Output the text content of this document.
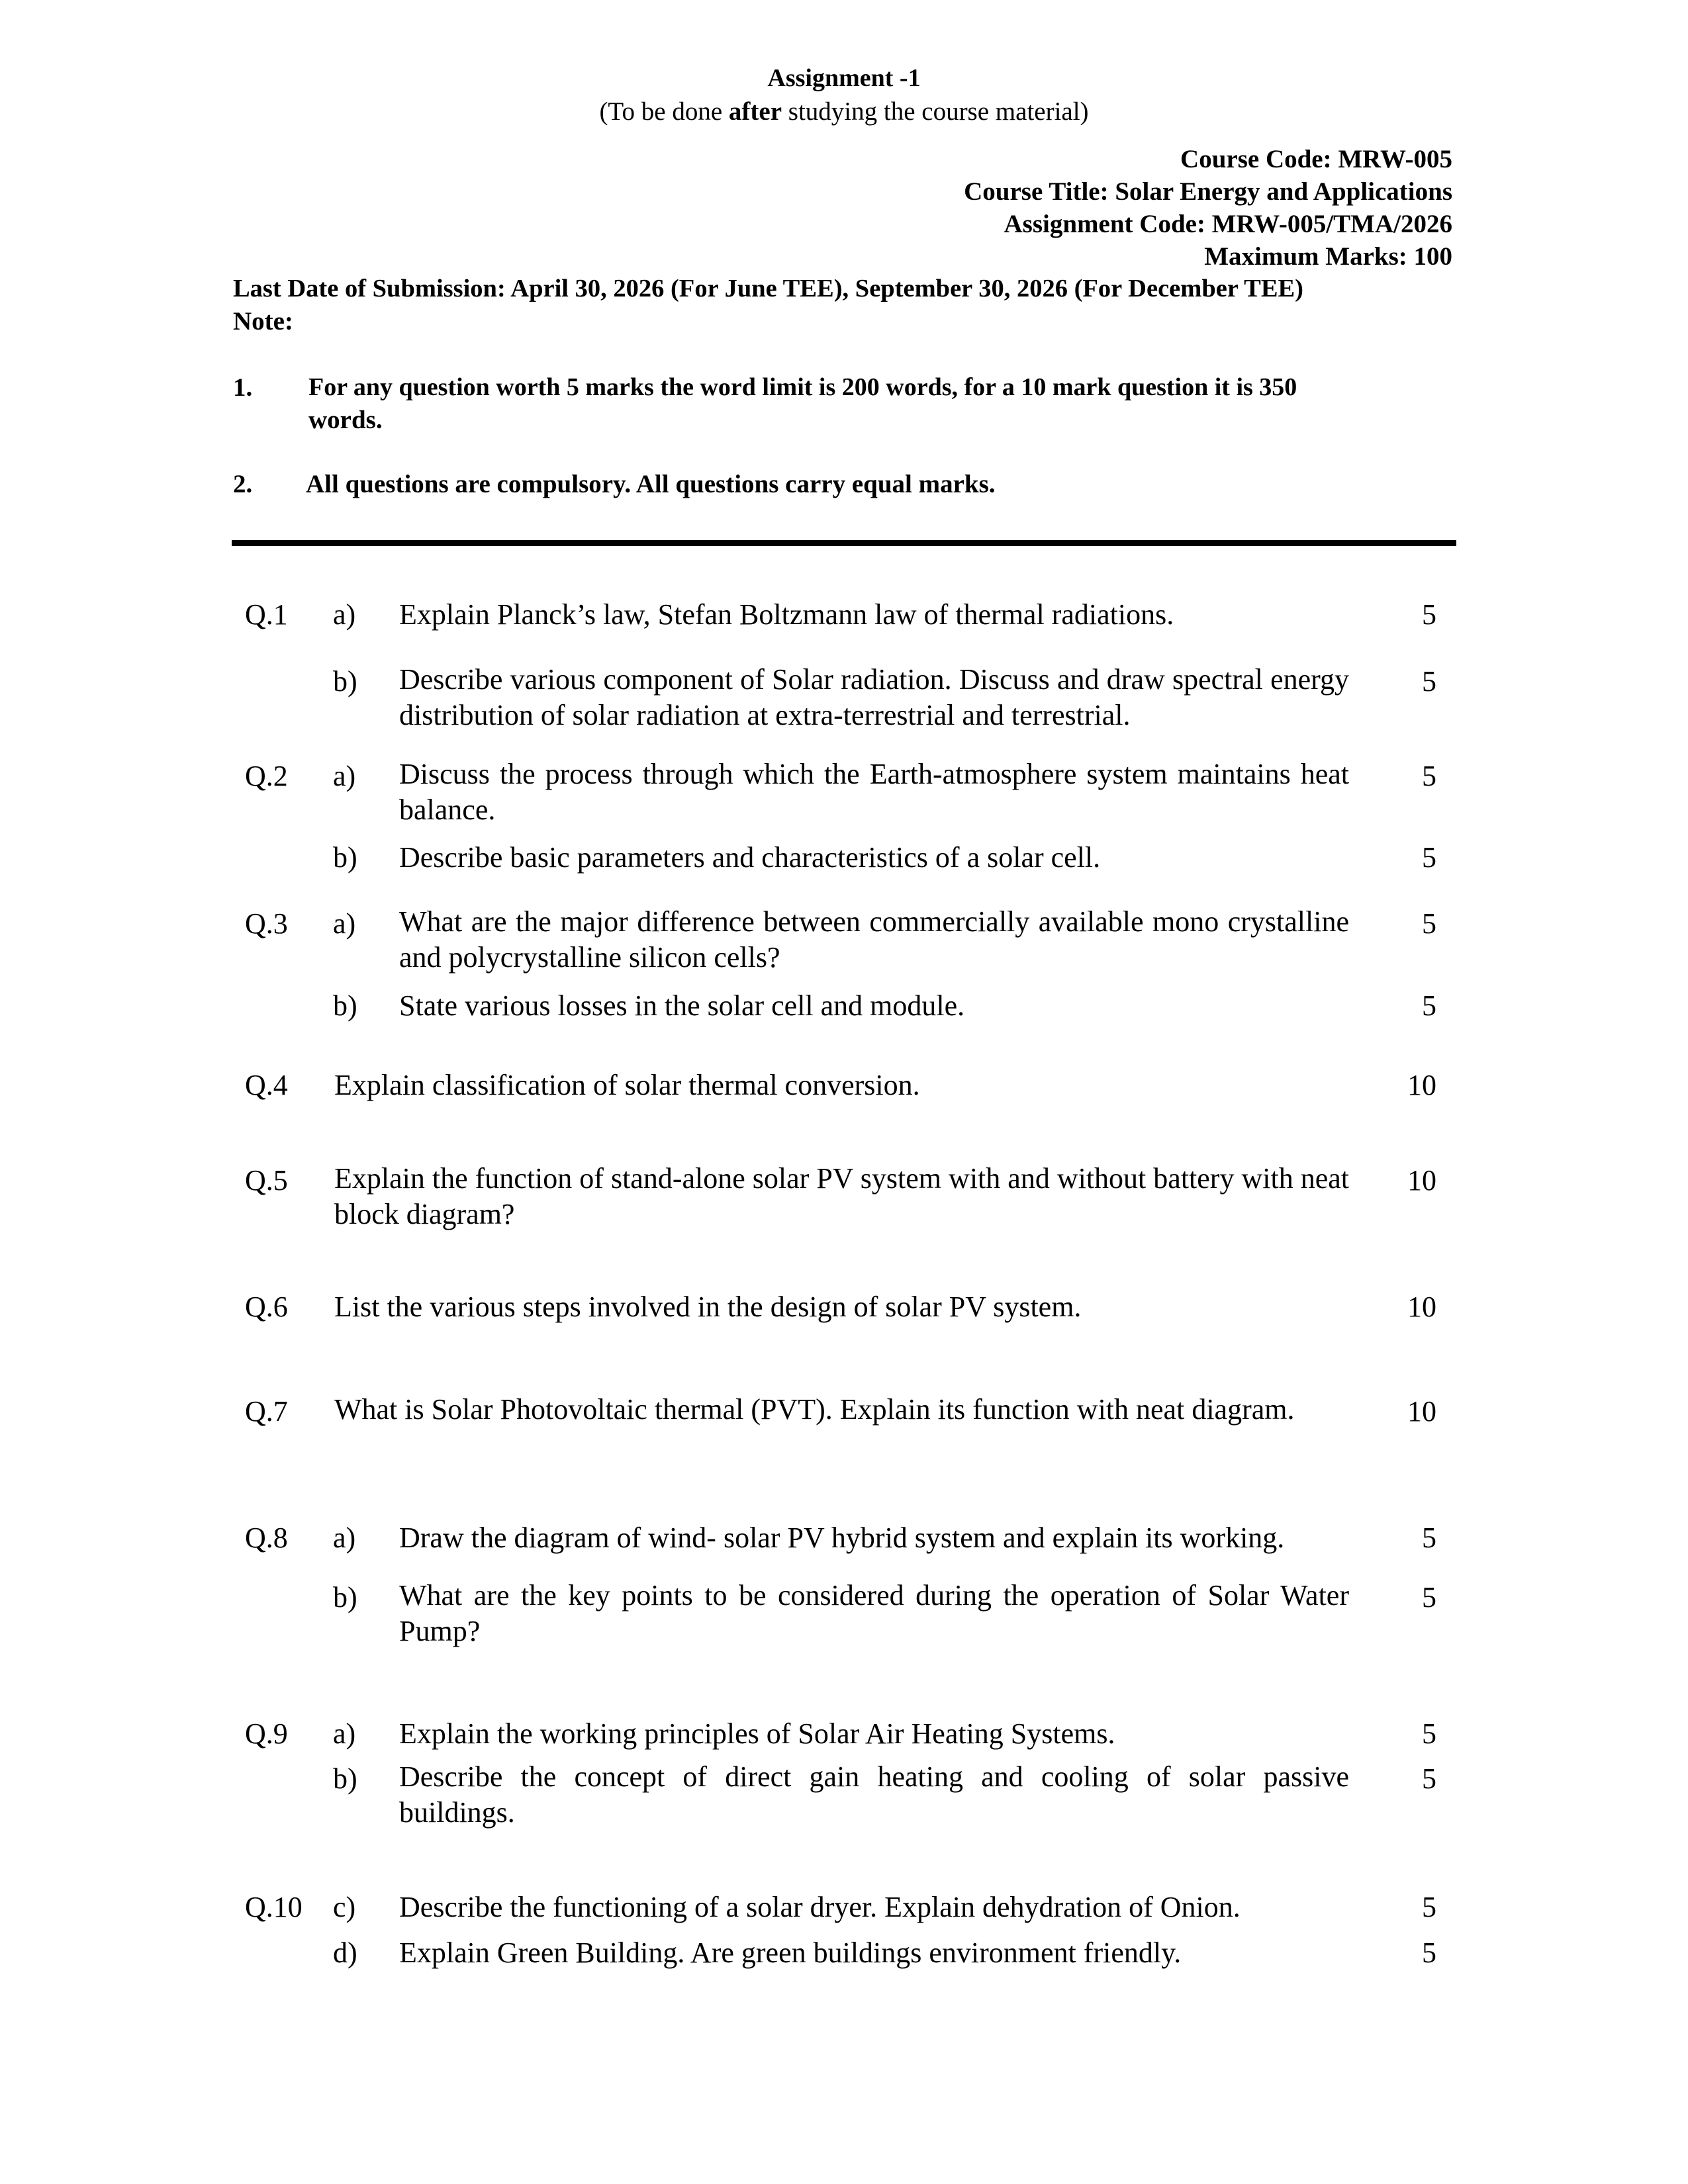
Assignment -1
(To be done after studying the course material)
Course Code: MRW-005
Course Title: Solar Energy and Applications
Assignment Code: MRW-005/TMA/2026
Maximum Marks: 100
Last Date of Submission: April 30, 2026 (For June TEE), September 30, 2026 (For December TEE)
Note:
1. For any question worth 5 marks the word limit is 200 words, for a 10 mark question it is 350
words.
2. All questions are compulsory. All questions carry equal marks.
Q.1 a) Explain Planck’s law, Stefan Boltzmann law of thermal radiations.	5
b) Describe various component of Solar radiation. Discuss and draw spectral energy distribution of solar radiation at extra-terrestrial and terrestrial.
5
Q.2 a) Discuss the process through which the Earth-atmosphere system maintains heat balance.
5
b) Describe basic parameters and characteristics of a solar cell.	5
Q.3 a) What are the major difference between commercially available mono crystalline and polycrystalline silicon cells?
5
b) State various losses in the solar cell and module.	5
Q.4 Explain classification of solar thermal conversion.	10
Q.5 Explain the function of stand-alone solar PV system with and without battery with neat block diagram?
10
Q.6 List the various steps involved in the design of solar PV system.	10
Q.7 What is Solar Photovoltaic thermal (PVT). Explain its function with neat diagram.	10
Q.8 a) Draw the diagram of wind- solar PV hybrid system and explain its working.	5
b) What are the key points to be considered during the operation of Solar Water Pump?
5
Q.9 a) Explain the working principles of Solar Air Heating Systems.	5
b) Describe the concept of direct gain heating and cooling of solar passive buildings.
5
Q.10 c) Describe the functioning of a solar dryer. Explain dehydration of Onion.	5
d) Explain Green Building. Are green buildings environment friendly.	5
